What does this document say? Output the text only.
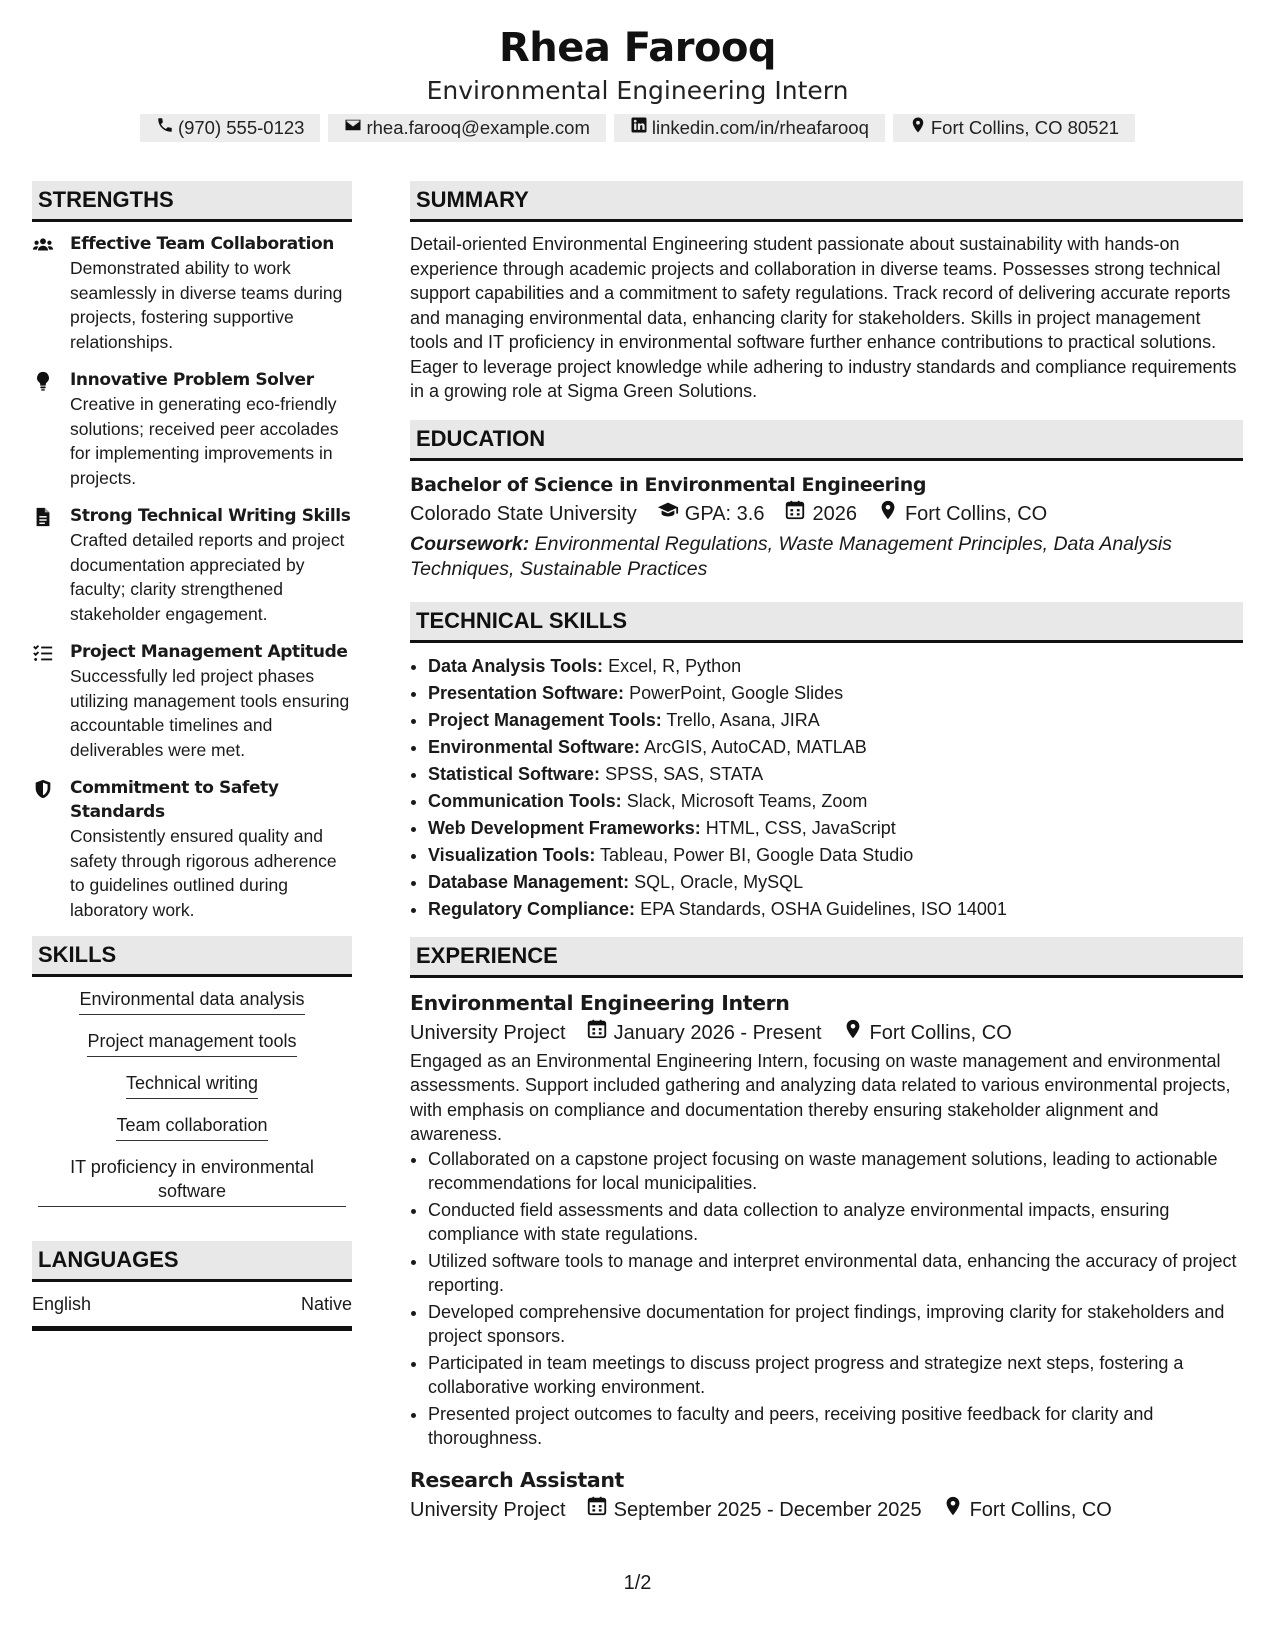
Rhea Farooq
Environmental Engineering Intern
(970) 555-0123	rhea.farooq@example.com	linkedin.com/in/rheafarooq	Fort Collins, CO 80521
STRENGTHS
Effective Team Collaboration
Demonstrated ability to work seamlessly in diverse teams during projects, fostering supportive relationships.
Innovative Problem Solver
Creative in generating eco-friendly solutions; received peer accolades for implementing improvements in projects.
Strong Technical Writing Skills
Crafted detailed reports and project documentation appreciated by faculty; clarity strengthened stakeholder engagement.
Project Management Aptitude
Successfully led project phases utilizing management tools ensuring accountable timelines and deliverables were met.
Commitment to Safety Standards
Consistently ensured quality and safety through rigorous adherence to guidelines outlined during laboratory work.
SKILLS
Environmental data analysis
Project management tools
Technical writing
Team collaboration
IT proficiency in environmental software
LANGUAGES
English	Native
SUMMARY

Detail-oriented Environmental Engineering student passionate about sustainability with hands-on experience through academic projects and collaboration in diverse teams. Possesses strong technical support capabilities and a commitment to safety regulations. Track record of delivering accurate reports and managing environmental data, enhancing clarity for stakeholders. Skills in project management tools and IT proficiency in environmental software further enhance contributions to practical solutions. Eager to leverage project knowledge while adhering to industry standards and compliance requirements in a growing role at Sigma Green Solutions.

EDUCATION
Bachelor of Science in Environmental Engineering
Colorado State University GPA: 3.6 2026 Fort Collins, CO
Coursework: Environmental Regulations, Waste Management Principles, Data Analysis Techniques, Sustainable Practices
TECHNICAL SKILLS
• Data Analysis Tools: Excel, R, Python
• Presentation Software: PowerPoint, Google Slides
• Project Management Tools: Trello, Asana, JIRA
• Environmental Software: ArcGIS, AutoCAD, MATLAB
• Statistical Software: SPSS, SAS, STATA
• Communication Tools: Slack, Microsoft Teams, Zoom
• Web Development Frameworks: HTML, CSS, JavaScript
• Visualization Tools: Tableau, Power BI, Google Data Studio
• Database Management: SQL, Oracle, MySQL
• Regulatory Compliance: EPA Standards, OSHA Guidelines, ISO 14001
EXPERIENCE
Environmental Engineering Intern
University Project January 2026 - Present Fort Collins, CO
Engaged as an Environmental Engineering Intern, focusing on waste management and environmental assessments. Support included gathering and analyzing data related to various environmental projects, with emphasis on compliance and documentation thereby ensuring stakeholder alignment and awareness.
• Collaborated on a capstone project focusing on waste management solutions, leading to actionable recommendations for local municipalities.
• Conducted field assessments and data collection to analyze environmental impacts, ensuring compliance with state regulations.
• Utilized software tools to manage and interpret environmental data, enhancing the accuracy of project reporting.
• Developed comprehensive documentation for project findings, improving clarity for stakeholders and project sponsors.
• Participated in team meetings to discuss project progress and strategize next steps, fostering a collaborative working environment.
• Presented project outcomes to faculty and peers, receiving positive feedback for clarity and thoroughness.
Research Assistant
University Project September 2025 - December 2025 Fort Collins, CO
1/2
